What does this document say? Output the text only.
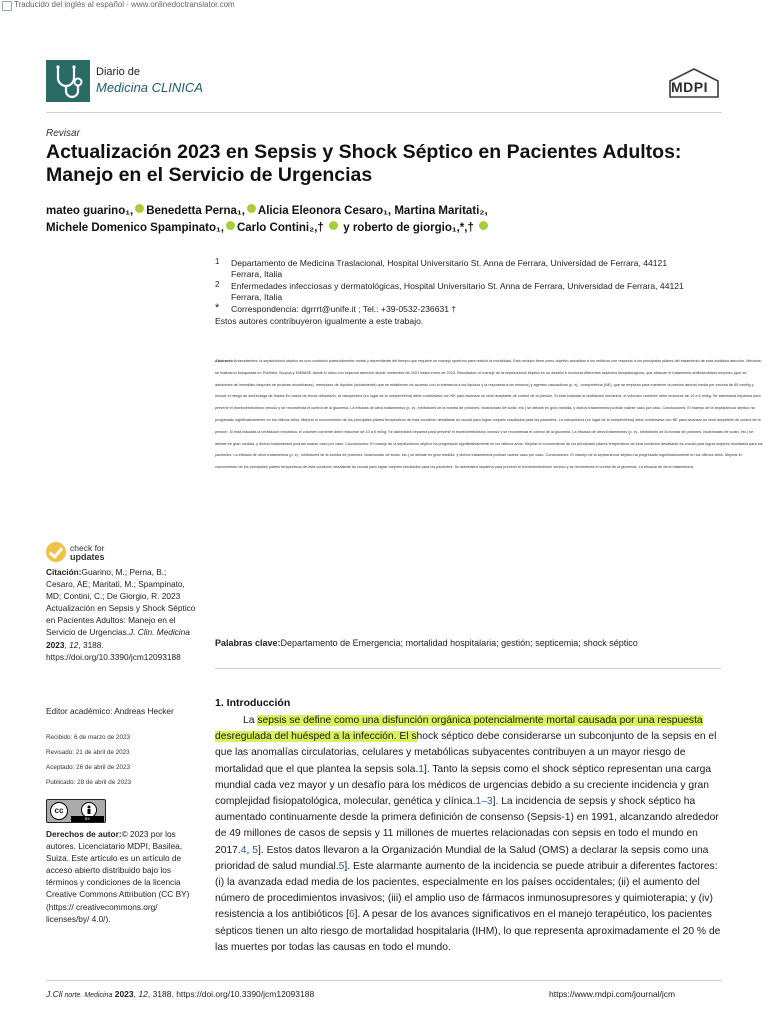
Traducido del inglés al español - www.onlinedoctranslator.com
Diario de
Medicina CLINICA	MDPI
Revisar
Actualización 2023 en Sepsis y Shock Séptico en Pacientes Adultos: Manejo en el Servicio de Urgencias
mateo guarino₁, Benedetta Perna₁, Alicia Eleonora Cesaro₁, Martina Maritati₂,
Michele Domenico Spampinato₁, Carlo Contini₂,† y roberto de giorgio₁,*,†
1 Departamento de Medicina Traslacional, Hospital Universitario St. Anna de Ferrara, Universidad de Ferrara, 44121 Ferrara, Italia
2 Enfermedades infecciosas y dermatológicas, Hospital Universitario St. Anna de Ferrara, Universidad de Ferrara, 44121 Ferrara, Italia
* Correspondencia: dgrrrt@unife.it ; Tel.: +39-0532-236631 †
Estos autores contribuyeron igualmente a este trabajo.
Abstracto:Antecedentes: la sepsis/shock séptico es una condición potencialmente mortal y dependiente del tiempo que requiere un manejo oportuno para reducir la mortalidad. Esta revisión tiene como objetivo actualizar a los médicos con respecto a los principales pilares del tratamiento de esta insidiosa afección. Métodos: se realizaron búsquedas en PubMed, Scopus y EMBASE desde el inicio con especial atención desde noviembre de 2021 hasta enero de 2023. Resultados: el manejo de la sepsis/shock séptico es un desafío e involucra diferentes aspectos fisiopatológicos, que abarcan el tratamiento antimicrobiano empírico (que se administra de inmediato después de pruebas microbianas), reemplazo de líquidos (inicialmente) que se establecen de acuerdo con la tolerancia a los líquidos y la respuesta a los mismos) y agentes vasoactivos (p. ej., norepinefrina (NE), que se emplean para mantener la presión arterial media por encima de 65 mmHg y reducir el riesgo de sobrecarga de fluidos En casos de shock refractario, la vasopresina (en lugar de la norepinefrina) debe combinarse con NE para alcanzar un nivel aceptable de control de la presión. Si está indicada la ventilación mecánica, el volumen corriente debe reducirse de 10 a 6 ml/kg. Se administra heparina para prevenir el tromboembolismo venoso y se recomienda el control de la glucemia. La eficacia de otros tratamientos (p. ej., inhibidores de la bomba de protones, bicarbonato de sodio, etc.) se debate en gran medida, y dichos tratamientos podrían usarse caso por caso. Conclusiones: El manejo de la sepsis/shock séptico ha progresado significativamente en los últimos años. Mejorar el conocimiento de los principales pilares terapéuticos de esta condición desafiante es crucial para lograr mejores resultados para los pacientes. La vasopresina (en lugar de la norepinefrina) debe combinarse con NE para alcanzar un nivel aceptable de control de la presión. Si está indicada la ventilación mecánica, el volumen corriente debe reducirse de 10 a 6 ml/kg. Se administra heparina para prevenir el tromboembolismo venoso y se recomienda el control de la glucemia. La eficacia de otros tratamientos (p. ej., inhibidores de la bomba de protones, bicarbonato de sodio, etc.) se debate en gran medida, y dichos tratamientos podrían usarse caso por caso. Conclusiones: El manejo de la sepsis/shock séptico ha progresado significativamente en los últimos años. Mejorar el conocimiento de los principales pilares terapéuticos de esta condición desafiante es crucial para lograr mejores resultados para los pacientes. La eficacia de otros tratamientos (p. ej., inhibidores de la bomba de protones, bicarbonato de sodio, etc.) se debate en gran medida, y dichos tratamientos podrían usarse caso por caso. Conclusiones: El manejo de la sepsis/shock séptico ha progresado significativamente en los últimos años. Mejorar el conocimiento de los principales pilares terapéuticos de esta condición desafiante es crucial para lograr mejores resultados para los pacientes. Se administra heparina para prevenir el tromboembolismo venoso y se recomienda el control de la glucemia. La eficacia de otros tratamientos
Palabras clave:Departamento de Emergencia; mortalidad hospitalaria; gestión; septicemia; shock séptico
check for
updates
Citación:Guarino, M.; Perna, B.; Cesaro, AE; Maritati, M.; Spampinato, MD; Contini, C.; De Giorgio, R. 2023 Actualización en Sepsis y Shock Séptico en Pacientes Adultos: Manejo en el Servicio de Urgencias.J. Clin. Medicina 2023, 12, 3188. https://doi.org/10.3390/jcm12093188
Editor académico: Andreas Hecker
Recibido: 6 de marzo de 2023
Revisado: 21 de abril de 2023
Aceptado: 26 de abril de 2023
Publicado: 28 de abril de 2023
cc
BY
Derechos de autor:© 2023 por los autores. Licenciatario MDPI, Basilea, Suiza. Este artículo es un artículo de acceso abierto distribuido bajo los términos y condiciones de la licencia Creative Commons Attribution (CC BY) (https:// creativecommons.org/ licenses/by/ 4.0/).
1. Introducción
La sepsis se define como una disfunción orgánica potencialmente mortal causada por una respuesta desregulada del huésped a la infección. El shock séptico debe considerarse un subconjunto de la sepsis en el que las anomalías circulatorias, celulares y metabólicas subyacentes contribuyen a un mayor riesgo de mortalidad que el que plantea la sepsis sola.1]. Tanto la sepsis como el shock séptico representan una carga mundial cada vez mayor y un desafío para los médicos de urgencias debido a su creciente incidencia y gran complejidad fisiopatológica, molecular, genética y clínica.1–3]. La incidencia de sepsis y shock séptico ha aumentado continuamente desde la primera definición de consenso (Sepsis-1) en 1991, alcanzando alrededor de 49 millones de casos de sepsis y 11 millones de muertes relacionadas con sepsis en todo el mundo en 2017.4, 5]. Estos datos llevaron a la Organización Mundial de la Salud (OMS) a declarar la sepsis como una prioridad de salud mundial.5]. Este alarmante aumento de la incidencia se puede atribuir a diferentes factores: (i) la avanzada edad media de los pacientes, especialmente en los países occidentales; (ii) el aumento del número de procedimientos invasivos; (iii) el amplio uso de fármacos inmunosupresores y quimioterapia; y (iv) resistencia a los antibióticos [6]. A pesar de los avances significativos en el manejo terapéutico, los pacientes sépticos tienen un alto riesgo de mortalidad hospitalaria (IHM), lo que representa aproximadamente el 20 % de las muertes por todas las causas en todo el mundo.
J.Cli norte. Medicina 2023, 12, 3188. https://doi.org/10.3390/jcm12093188	https://www.mdpi.com/journal/jcm
